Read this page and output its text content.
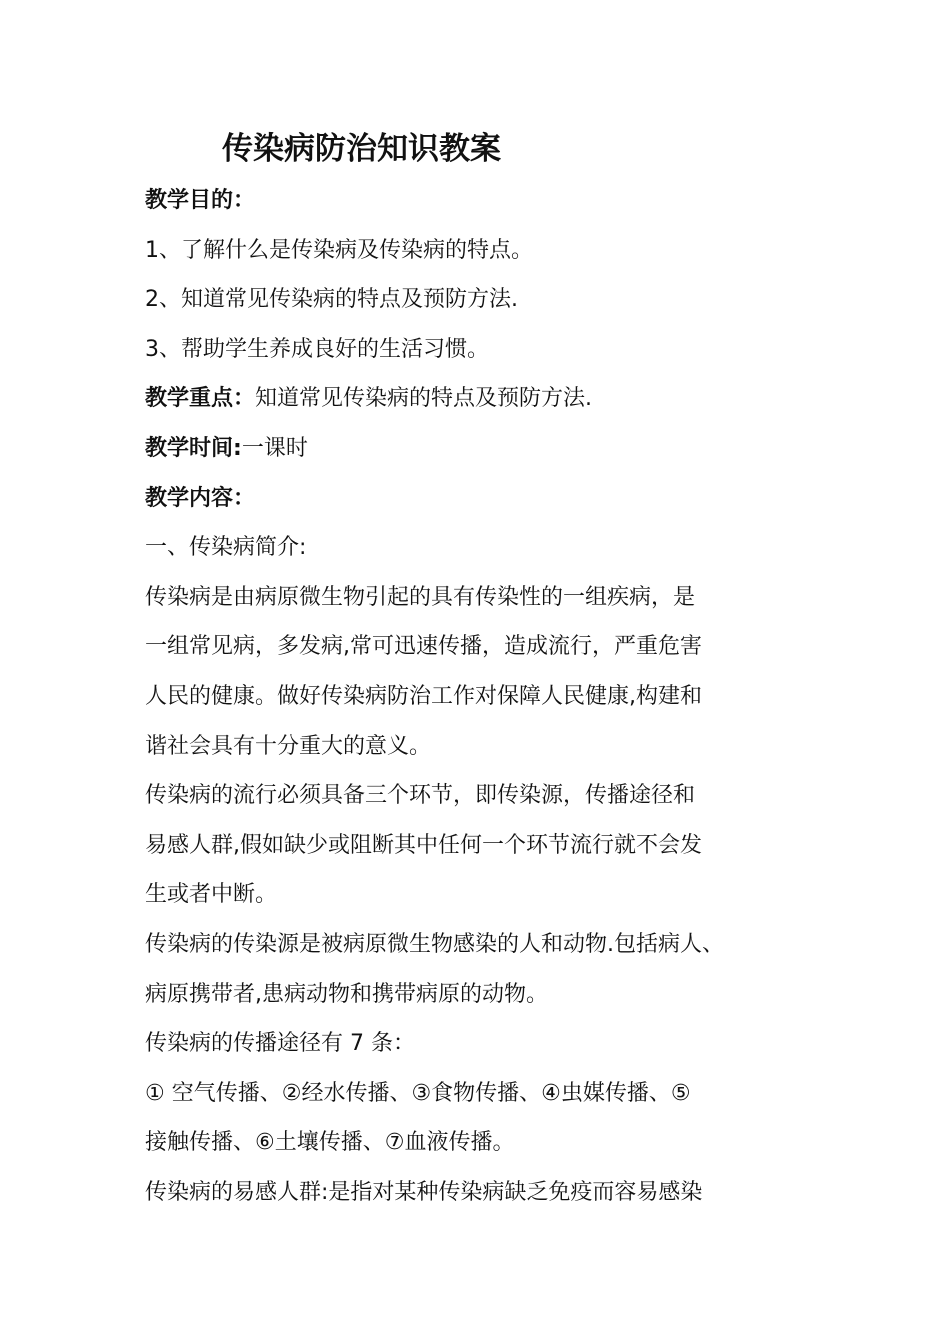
传染病防治知识教案
教学目的：
1、了解什么是传染病及传染病的特点。
2、知道常见传染病的特点及预防方法.
3、帮助学生养成良好的生活习惯。
教学重点：知道常见传染病的特点及预防方法.
教学时间:一课时
教学内容：
一、传染病简介:
传染病是由病原微生物引起的具有传染性的一组疾病，是
一组常见病，多发病,常可迅速传播，造成流行，严重危害
人民的健康。做好传染病防治工作对保障人民健康,构建和
谐社会具有十分重大的意义。
传染病的流行必须具备三个环节，即传染源，传播途径和
易感人群,假如缺少或阻断其中任何一个环节流行就不会发
生或者中断。
传染病的传染源是被病原微生物感染的人和动物.包括病人、
病原携带者,患病动物和携带病原的动物。
传染病的传播途径有 7 条：
① 空气传播、②经水传播、③食物传播、④虫媒传播、⑤
接触传播、⑥土壤传播、⑦血液传播。
传染病的易感人群:是指对某种传染病缺乏免疫而容易感染
